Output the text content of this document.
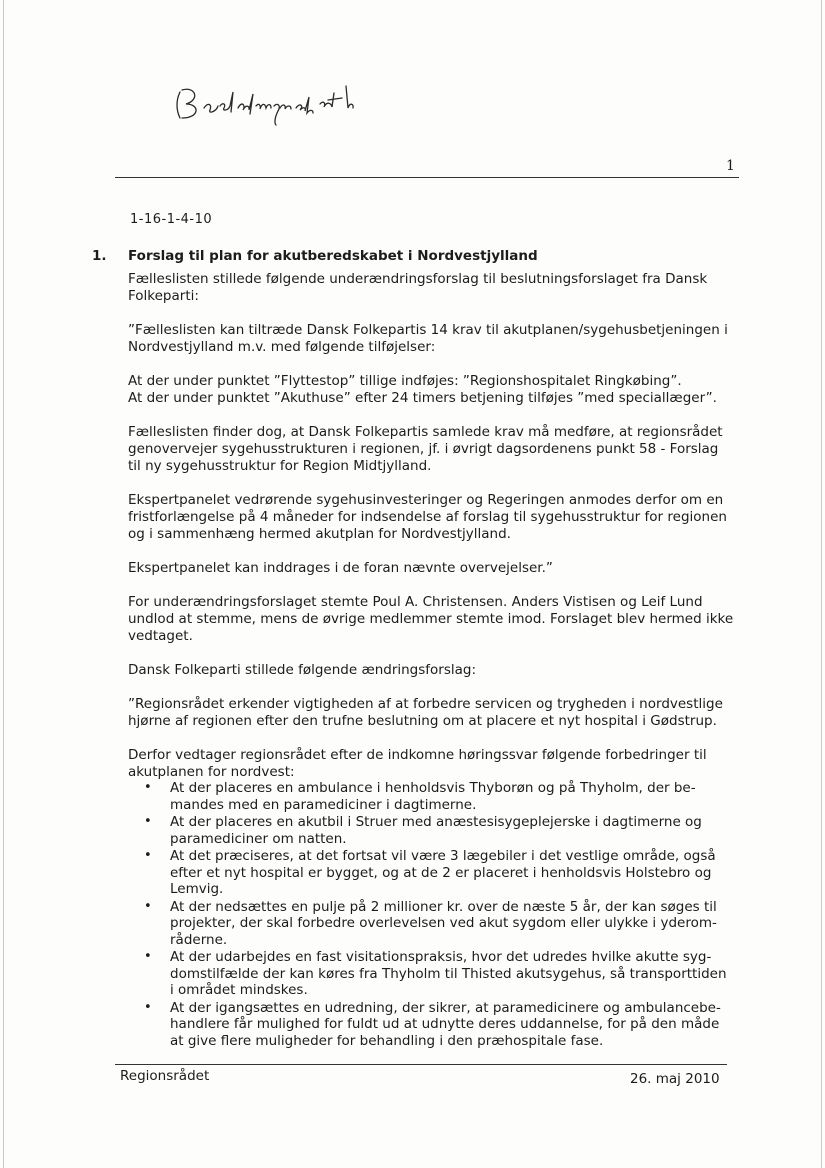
1
1-16-1-4-10
1. Forslag til plan for akutberedskabet i Nordvestjylland

Fælleslisten stillede følgende underændringsforslag til beslutningsforslaget fra Dansk
Folkeparti:

”Fælleslisten kan tiltræde Dansk Folkepartis 14 krav til akutplanen/sygehusbetjeningen i
Nordvestjylland m.v. med følgende tilføjelser:

At der under punktet ”Flyttestop” tillige indføjes: ”Regionshospitalet Ringkøbing”.
At der under punktet ”Akuthuse” efter 24 timers betjening tilføjes ”med speciallæger”.

Fælleslisten finder dog, at Dansk Folkepartis samlede krav må medføre, at regionsrådet
genovervejer sygehusstrukturen i regionen, jf. i øvrigt dagsordenens punkt 58 - Forslag
til ny sygehusstruktur for Region Midtjylland.

Ekspertpanelet vedrørende sygehusinvesteringer og Regeringen anmodes derfor om en
fristforlængelse på 4 måneder for indsendelse af forslag til sygehusstruktur for regionen
og i sammenhæng hermed akutplan for Nordvestjylland.

Ekspertpanelet kan inddrages i de foran nævnte overvejelser.”

For underændringsforslaget stemte Poul A. Christensen. Anders Vistisen og Leif Lund
undlod at stemme, mens de øvrige medlemmer stemte imod. Forslaget blev hermed ikke
vedtaget.

Dansk Folkeparti stillede følgende ændringsforslag:

”Regionsrådet erkender vigtigheden af at forbedre servicen og trygheden i nordvestlige
hjørne af regionen efter den trufne beslutning om at placere et nyt hospital i Gødstrup.

Derfor vedtager regionsrådet efter de indkomne høringssvar følgende forbedringer til
akutplanen for nordvest:

• At der placeres en ambulance i henholdsvis Thyborøn og på Thyholm, der be-
mandes med en paramediciner i dagtimerne.
• At der placeres en akutbil i Struer med anæstesisygeplejerske i dagtimerne og
paramediciner om natten.
• At det præciseres, at det fortsat vil være 3 lægebiler i det vestlige område, også
efter et nyt hospital er bygget, og at de 2 er placeret i henholdsvis Holstebro og
Lemvig.
• At der nedsættes en pulje på 2 millioner kr. over de næste 5 år, der kan søges til
projekter, der skal forbedre overlevelsen ved akut sygdom eller ulykke i yderom-
råderne.
• At der udarbejdes en fast visitationspraksis, hvor det udredes hvilke akutte syg-
domstilfælde der kan køres fra Thyholm til Thisted akutsygehus, så transporttiden
i området mindskes.
• At der igangsættes en udredning, der sikrer, at paramedicinere og ambulancebe-
handlere får mulighed for fuldt ud at udnytte deres uddannelse, for på den måde
at give flere muligheder for behandling i den præhospitale fase.
Regionsrådet	26. maj 2010
